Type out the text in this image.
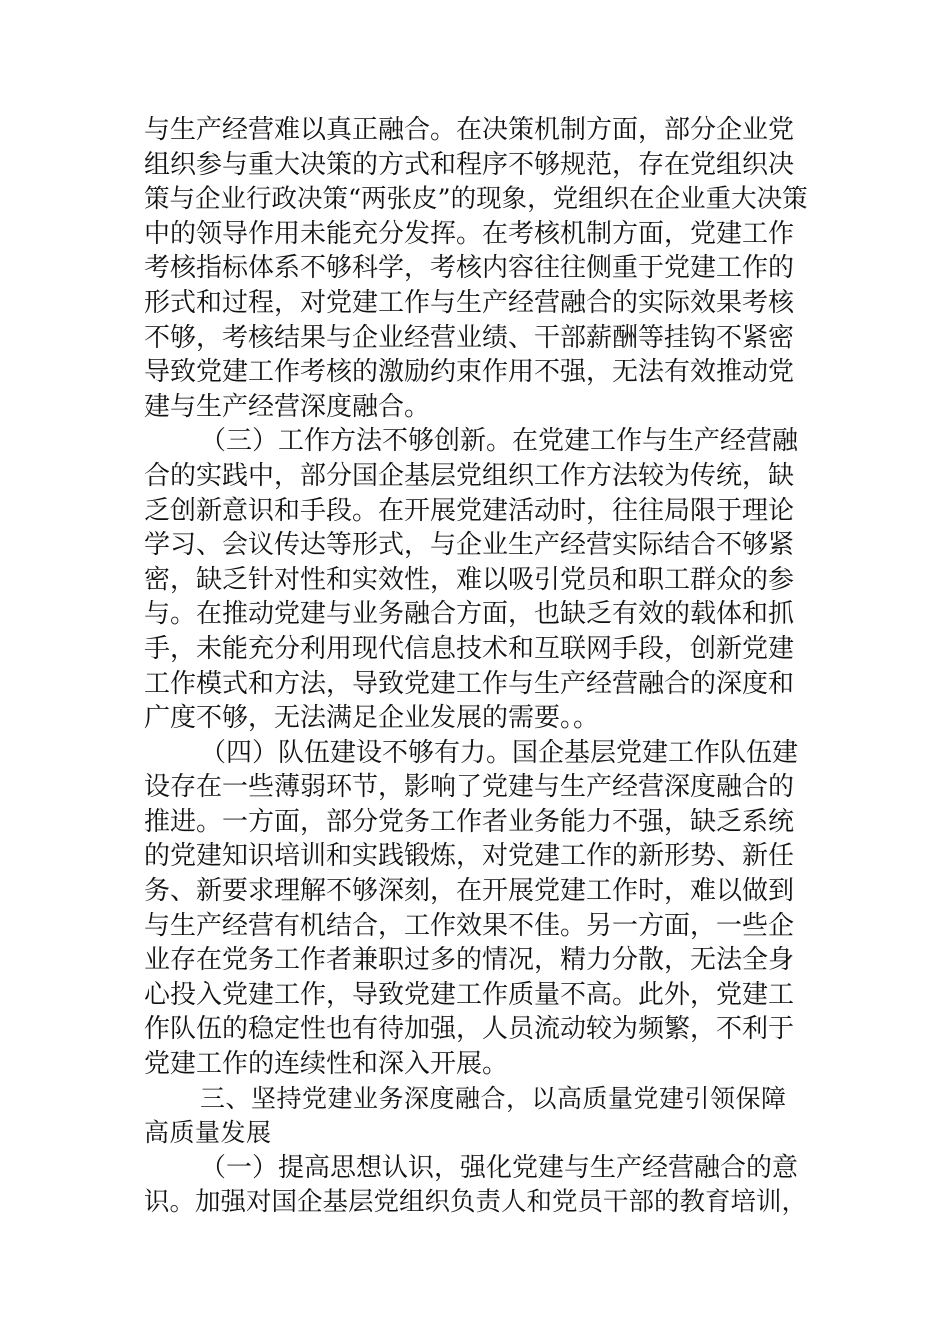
与生产经营难以真正融合。在决策机制方面，部分企业党
组织参与重大决策的方式和程序不够规范，存在党组织决
策与企业行政决策“两张皮”的现象，党组织在企业重大决策
中的领导作用未能充分发挥。在考核机制方面，党建工作
考核指标体系不够科学，考核内容往往侧重于党建工作的
形式和过程，对党建工作与生产经营融合的实际效果考核
不够，考核结果与企业经营业绩、干部薪酬等挂钩不紧密
导致党建工作考核的激励约束作用不强，无法有效推动党
建与生产经营深度融合。
（三）工作方法不够创新。在党建工作与生产经营融
合的实践中，部分国企基层党组织工作方法较为传统，缺
乏创新意识和手段。在开展党建活动时，往往局限于理论
学习、会议传达等形式，与企业生产经营实际结合不够紧
密，缺乏针对性和实效性，难以吸引党员和职工群众的参
与。在推动党建与业务融合方面，也缺乏有效的载体和抓
手，未能充分利用现代信息技术和互联网手段，创新党建
工作模式和方法，导致党建工作与生产经营融合的深度和
广度不够，无法满足企业发展的需要。。
（四）队伍建设不够有力。国企基层党建工作队伍建
设存在一些薄弱环节，影响了党建与生产经营深度融合的
推进。一方面，部分党务工作者业务能力不强，缺乏系统
的党建知识培训和实践锻炼，对党建工作的新形势、新任
务、新要求理解不够深刻，在开展党建工作时，难以做到
与生产经营有机结合，工作效果不佳。另一方面，一些企
业存在党务工作者兼职过多的情况，精力分散，无法全身
心投入党建工作，导致党建工作质量不高。此外，党建工
作队伍的稳定性也有待加强，人员流动较为频繁，不利于
党建工作的连续性和深入开展。
三、坚持党建业务深度融合，以高质量党建引领保障
高质量发展
（一）提高思想认识，强化党建与生产经营融合的意
识。加强对国企基层党组织负责人和党员干部的教育培训，
